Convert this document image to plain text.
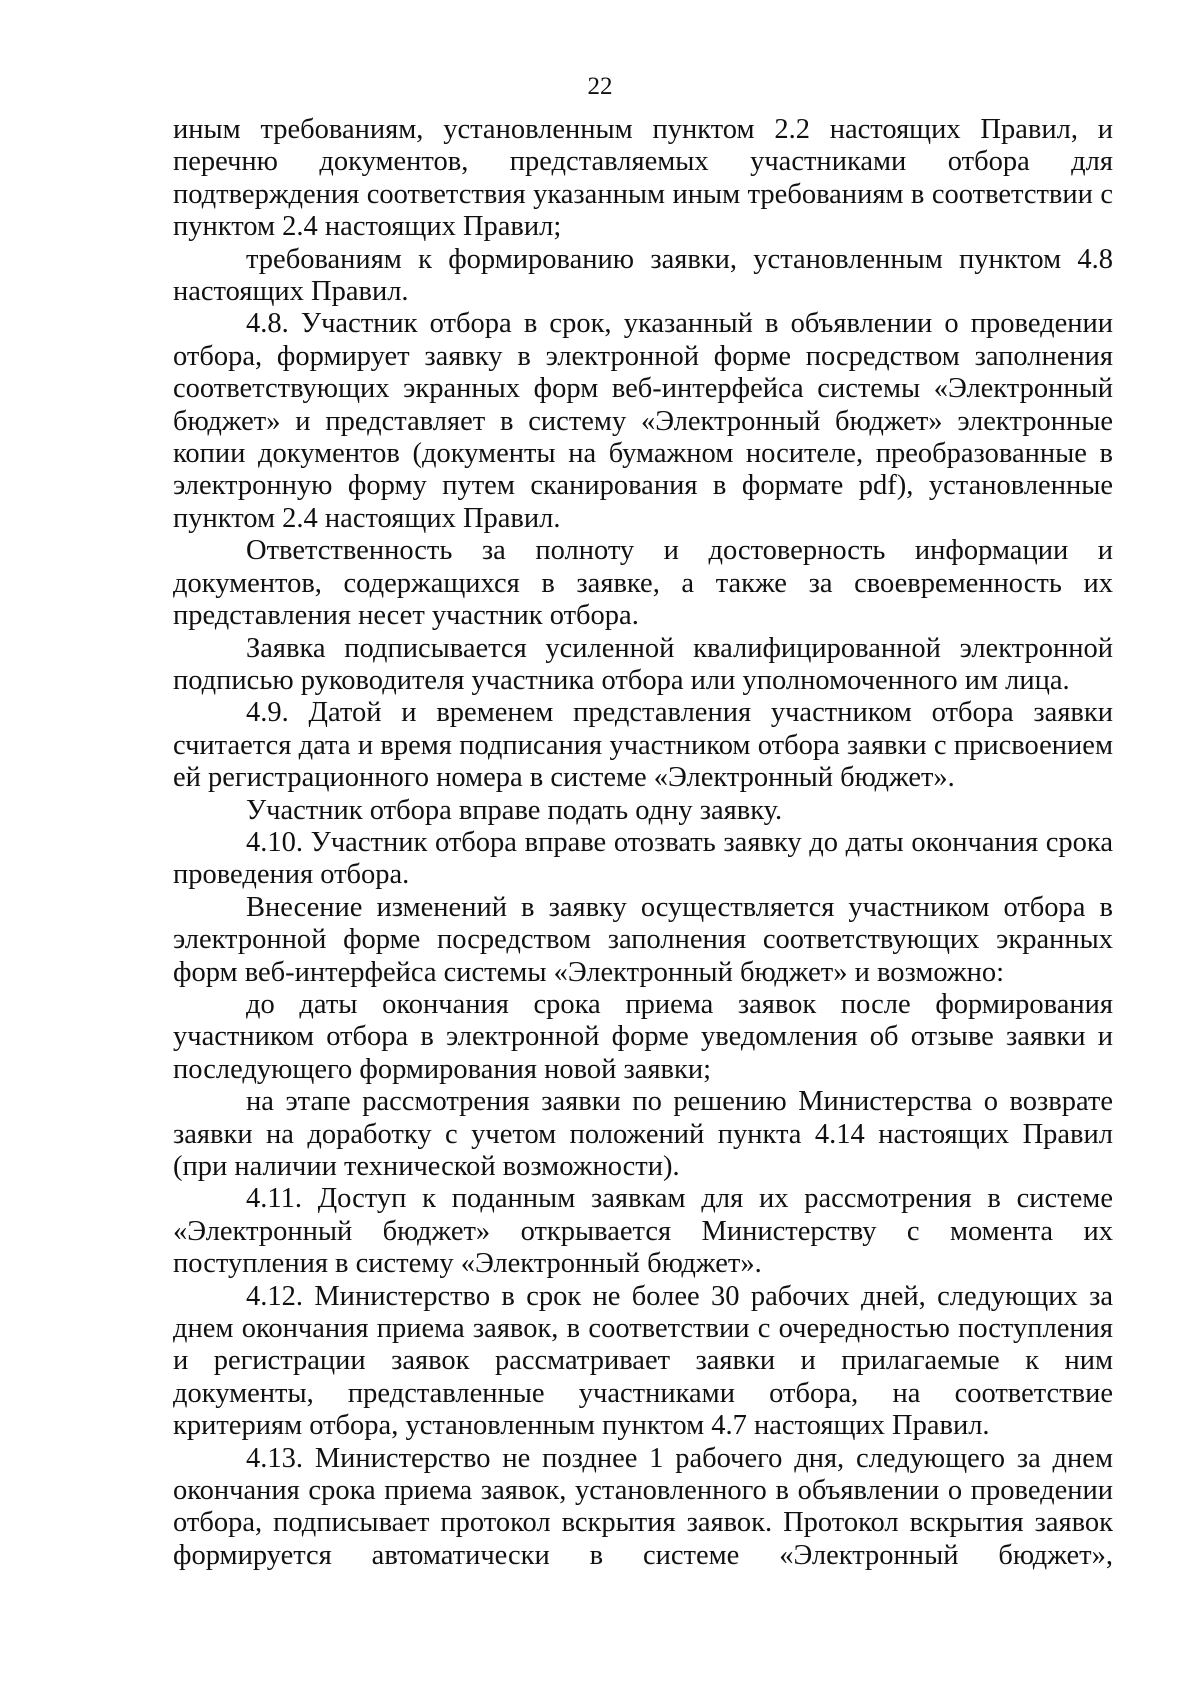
22

иным требованиям, установленным пунктом 2.2 настоящих Правил, и перечню документов, представляемых участниками отбора для подтверждения соответствия указанным иным требованиям в соответствии с пунктом 2.4 настоящих Правил;

требованиям к формированию заявки, установленным пунктом 4.8 настоящих Правил.

4.8. Участник отбора в срок, указанный в объявлении о проведении отбора, формирует заявку в электронной форме посредством заполнения соответствующих экранных форм веб-интерфейса системы «Электронный бюджет» и представляет в систему «Электронный бюджет» электронные копии документов (документы на бумажном носителе, преобразованные в электронную форму путем сканирования в формате pdf), установленные пунктом 2.4 настоящих Правил.

Ответственность за полноту и достоверность информации и документов, содержащихся в заявке, а также за своевременность их представления несет участник отбора.

Заявка подписывается усиленной квалифицированной электронной подписью руководителя участника отбора или уполномоченного им лица.

4.9. Датой и временем представления участником отбора заявки считается дата и время подписания участником отбора заявки с присвоением ей регистрационного номера в системе «Электронный бюджет».

Участник отбора вправе подать одну заявку.

4.10. Участник отбора вправе отозвать заявку до даты окончания срока проведения отбора.

Внесение изменений в заявку осуществляется участником отбора в электронной форме посредством заполнения соответствующих экранных форм веб-интерфейса системы «Электронный бюджет» и возможно:

до даты окончания срока приема заявок после формирования участником отбора в электронной форме уведомления об отзыве заявки и последующего формирования новой заявки;

на этапе рассмотрения заявки по решению Министерства о возврате заявки на доработку с учетом положений пункта 4.14 настоящих Правил (при наличии технической возможности).

4.11. Доступ к поданным заявкам для их рассмотрения в системе «Электронный бюджет» открывается Министерству с момента их поступления в систему «Электронный бюджет».

4.12. Министерство в срок не более 30 рабочих дней, следующих за днем окончания приема заявок, в соответствии с очередностью поступления и регистрации заявок рассматривает заявки и прилагаемые к ним документы, представленные участниками отбора, на соответствие критериям отбора, установленным пунктом 4.7 настоящих Правил.

4.13. Министерство не позднее 1 рабочего дня, следующего за днем окончания срока приема заявок, установленного в объявлении о проведении отбора, подписывает протокол вскрытия заявок. Протокол вскрытия заявок формируется автоматически в системе «Электронный бюджет»,
